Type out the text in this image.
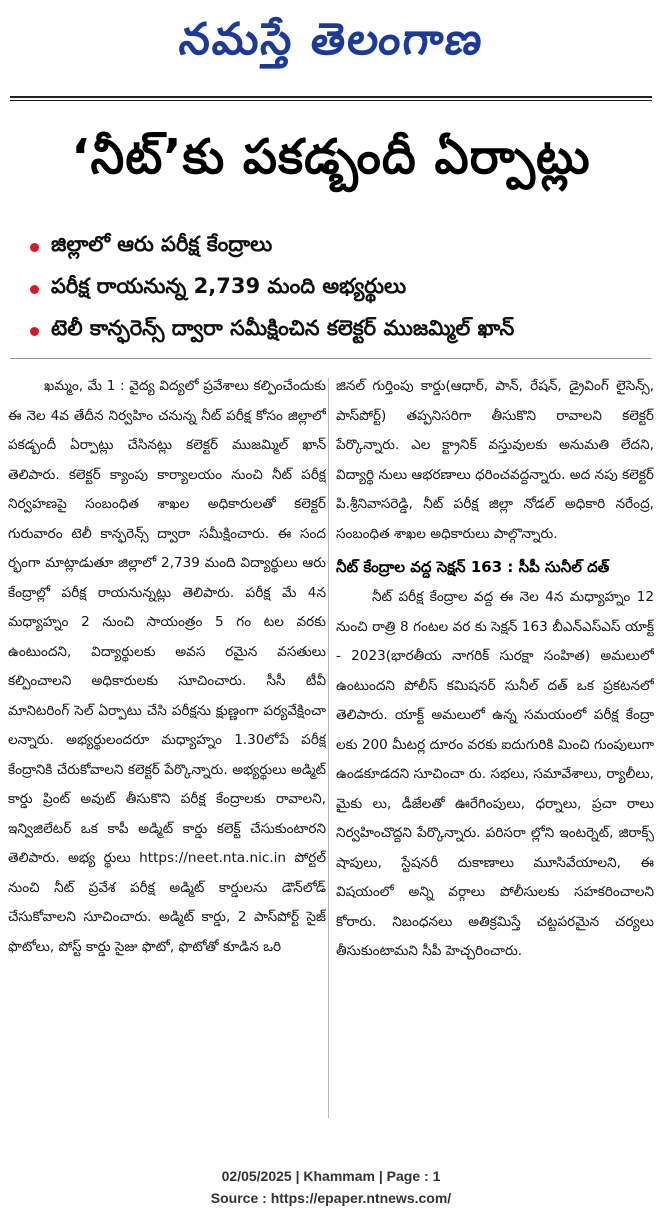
నమస్తే తెలంగాణ
‘నీట్’కు పకడ్బందీ ఏర్పాట్లు
జిల్లాలో ఆరు పరీక్ష కేంద్రాలు
పరీక్ష రాయనున్న 2,739 మంది అభ్యర్థులు
టెలీ కాన్ఫరెన్స్ ద్వారా సమీక్షించిన కలెక్టర్ ముజమ్మిల్ ఖాన్

ఖమ్మం, మే 1 : వైద్య విద్యలో ప్రవేశాలు కల్పించేందుకు ఈ నెల 4వ తేదీన నిర్వహిం చనున్న నీట్ పరీక్ష కోసం జిల్లాలో పకడ్బందీ ఏర్పాట్లు చేసినట్లు కలెక్టర్ ముజమ్మిల్ ఖాన్ తెలిపారు. కలెక్టర్ క్యాంపు కార్యాలయం నుంచి నీట్ పరీక్ష నిర్వహణపై సంబంధిత శాఖల అధికారులతో కలెక్టర్ గురువారం టెలీ కాన్ఫరెన్స్ ద్వారా సమీక్షించారు. ఈ సంద ర్భంగా మాట్లాడుతూ జిల్లాలో 2,739 మంది విద్యార్థులు ఆరు కేంద్రాల్లో పరీక్ష రాయనున్నట్లు తెలిపారు. పరీక్ష మే 4న మధ్యాహ్నం 2 నుంచి సాయంత్రం 5 గం టల వరకు ఉంటుందని, విద్యార్థులకు అవస రమైన వసతులు కల్పించాలని అధికారులకు సూచించారు. సీసీ టీవీ మానిటరింగ్ సెల్ ఏర్పాటు చేసి పరీక్షను క్షుణ్ణంగా పర్యవేక్షించా లన్నారు. అభ్యర్థులందరూ మధ్యాహ్నం 1.30లోపే పరీక్ష కేంద్రానికి చేరుకోవాలని కలెక్టర్ పేర్కొన్నారు. అభ్యర్థులు అడ్మిట్ కార్డు ప్రింట్ అవుట్ తీసుకొని పరీక్ష కేంద్రాలకు రావాలని, ఇన్విజిలేటర్ ఒక కాపీ అడ్మిట్ కార్డు కలెక్ట్ చేసుకుంటారని తెలిపారు. అభ్య ర్థులు https://neet.nta.nic.in పోర్టల్ నుంచి నీట్ ప్రవేశ పరీక్ష అడ్మిట్ కార్డులను డౌన్‌లోడ్ చేసుకోవాలని సూచించారు. అడ్మిట్ కార్డు, 2 పాస్‌పోర్ట్ సైజ్ ఫొటోలు, పోస్ట్ కార్డు సైజు ఫొటో, ఫొటోతో కూడిన ఒరి

జినల్ గుర్తింపు కార్డు(ఆధార్, పాన్, రేషన్, డ్రైవింగ్ లైసెన్స్, పాస్‌పోర్ట్) తప్పనిసరిగా తీసుకొని రావాలని కలెక్టర్ పేర్కొన్నారు. ఎల క్ట్రానిక్ వస్తువులకు అనుమతి లేదని, విద్యార్థి నులు ఆభరణాలు ధరించవద్దన్నారు. అద నపు కలెక్టర్ పి.శ్రీనివాసరెడ్డి, నీట్ పరీక్ష జిల్లా నోడల్ అధికారి నరేంద్ర, సంబంధిత శాఖల అధికారులు పాల్గొన్నారు.

నీట్ కేంద్రాల వద్ద సెక్షన్ 163 : సీపీ సునీల్ దత్

నీట్ పరీక్ష కేంద్రాల వద్ద ఈ నెల 4న మధ్యాహ్నం 12 నుంచి రాత్రి 8 గంటల వర కు సెక్షన్ 163 బీఎన్ఎస్ఎస్ యాక్ట్ - 2023(భారతీయ నాగరిక్ సురక్షా సంహిత) అమలులో ఉంటుందని పోలీస్ కమిషనర్ సునీల్ దత్ ఒక ప్రకటనలో తెలిపారు. యాక్ట్ అమలులో ఉన్న సమయంలో పరీక్ష కేంద్రా లకు 200 మీటర్ల దూరం వరకు ఐదుగురికి మించి గుంపులుగా ఉండకూడదని సూచించా రు. సభలు, సమావేశాలు, ర్యాలీలు, మైకు లు, డీజేలతో ఊరేగింపులు, ధర్నాలు, ప్రచా రాలు నిర్వహించొద్దని పేర్కొన్నారు. పరిసరా ల్లోని ఇంటర్నెట్, జిరాక్స్ షాపులు, స్టేషనరీ దుకాణాలు మూసివేయాలని, ఈ విషయంలో అన్ని వర్గాలు పోలీసులకు సహకరించాలని కోరారు. నిబంధనలు అతిక్రమిస్తే చట్టపరమైన చర్యలు తీసుకుంటామని సీపీ హెచ్చరించారు.

02/05/2025 | Khammam | Page : 1
Source : https://epaper.ntnews.com/
